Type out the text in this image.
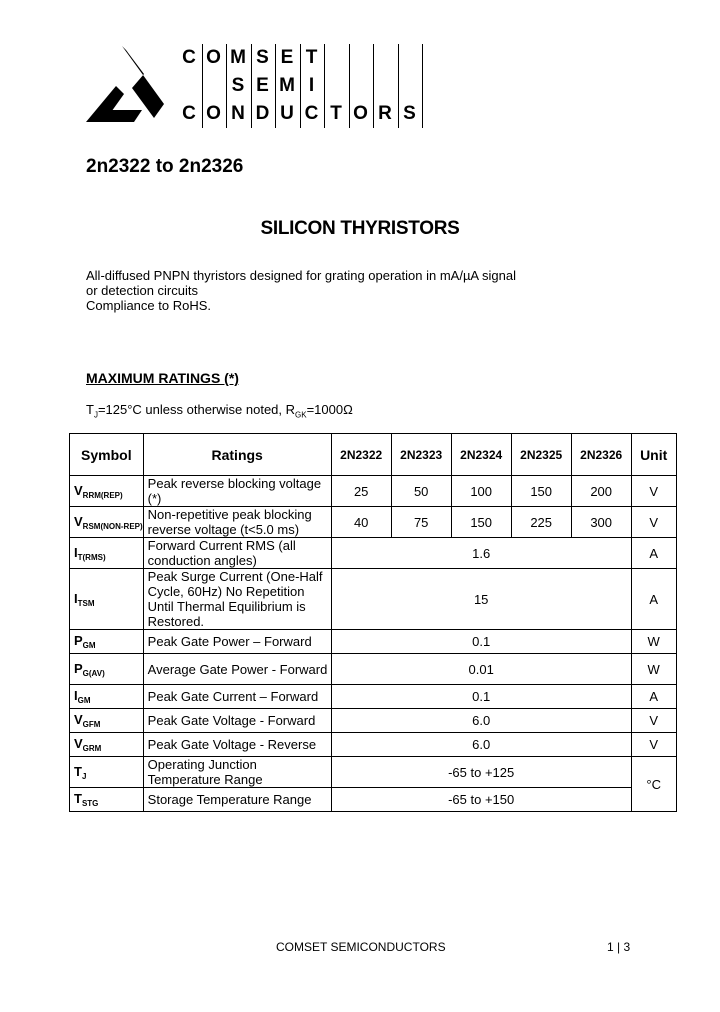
C O M S E T
S E M I
C O N D U C T O R S
2n2322 to 2n2326
SILICON THYRISTORS
All-diffused PNPN thyristors designed for grating operation in mA/µA signal
or detection circuits
Compliance to RoHS.
MAXIMUM RATINGS (*)
$T_J=125^\circ C$ unless otherwise noted, $R_{GK}=1000\Omega$
Symbol	Ratings	2N2322	2N2323	2N2324	2N2325	2N2326	Unit
$V_{RRM(REP)}$	Peak reverse blocking voltage (*)	25	50	100	150	200	V
$V_{RSM(NON-REP)}$	Non-repetitive peak blocking reverse voltage (t<5.0 ms)	40	75	150	225	300	V
$I_{T(RMS)}$	Forward Current RMS (all conduction angles)	1.6					A
$I_{TSM}$	Peak Surge Current (One-Half Cycle, 60Hz) No Repetition Until Thermal Equilibrium is Restored.	15					A
$P_{GM}$	Peak Gate Power – Forward	0.1					W
$P_{G(AV)}$	Average Gate Power - Forward	0.01					W
$I_{GM}$	Peak Gate Current – Forward	0.1					A
$V_{GFM}$	Peak Gate Voltage - Forward	6.0					V
$V_{GRM}$	Peak Gate Voltage - Reverse	6.0					V
$T_J$	Operating Junction Temperature Range	-65 to +125					°C
$T_{STG}$	Storage Temperature Range	-65 to +150					
COMSET SEMICONDUCTORS	1 | 3
